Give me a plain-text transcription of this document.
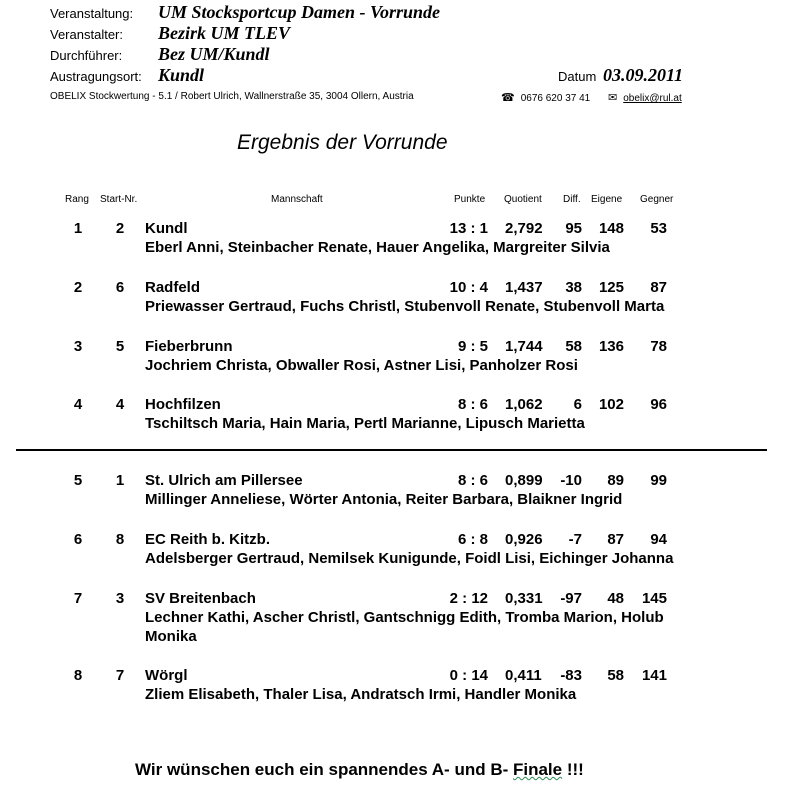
Veranstaltung: UM Stocksportcup Damen - Vorrunde
Veranstalter: Bezirk UM TLEV
Durchführer: Bez UM/Kundl
Austragungsort: Kundl	Datum 03.09.2011
OBELIX Stockwertung - 5.1 / Robert Ulrich, Wallnerstraße 35, 3004 Ollern, Austria	☎ 0676 620 37 41 ✉ obelix@rul.at
Ergebnis der Vorrunde
Rang Start-Nr.	Mannschaft	Punkte Quotient Diff. Eigene Gegner
1	2	Kundl	13 : 1 2,792	95	148	53
Eberl Anni, Steinbacher Renate, Hauer Angelika, Margreiter Silvia
2	6	Radfeld	10 : 4 1,437	38	125	87
Priewasser Gertraud, Fuchs Christl, Stubenvoll Renate, Stubenvoll Marta
3	5	Fieberbrunn	9 : 5 1,744	58	136	78
Jochriem Christa, Obwaller Rosi, Astner Lisi, Panholzer Rosi
4	4	Hochfilzen	8 : 6 1,062	6	102	96
Tschiltsch Maria, Hain Maria, Pertl Marianne, Lipusch Marietta
5	1	St. Ulrich am Pillersee	8 : 6 0,899	-10	89	99
Millinger Anneliese, Wörter Antonia, Reiter Barbara, Blaikner Ingrid
6	8	EC Reith b. Kitzb.	6 : 8 0,926	-7	87	94
Adelsberger Gertraud, Nemilsek Kunigunde, Foidl Lisi, Eichinger Johanna
7	3	SV Breitenbach	2 : 12 0,331	-97	48	145
Lechner Kathi, Ascher Christl, Gantschnigg Edith, Tromba Marion, Holub Monika
8	7	Wörgl	0 : 14 0,411	-83	58	141
Zliem Elisabeth, Thaler Lisa, Andratsch Irmi, Handler Monika
Wir wünschen euch ein spannendes A- und B- Finale !!!
